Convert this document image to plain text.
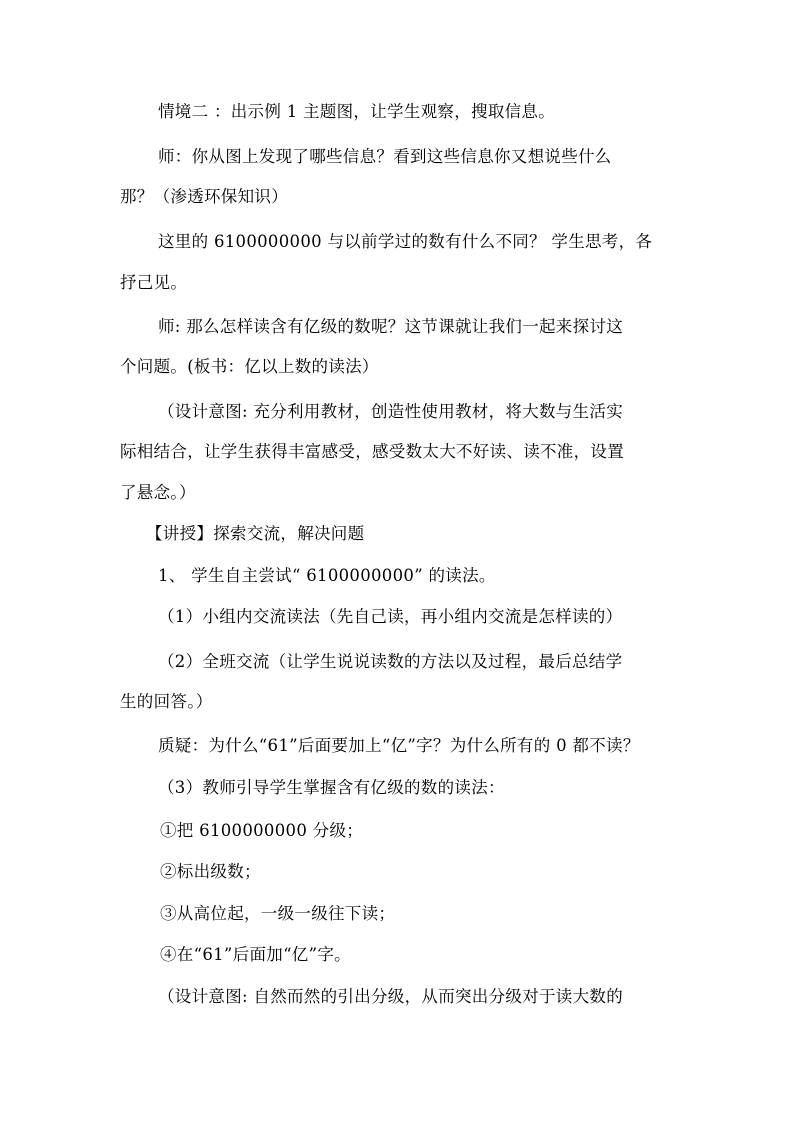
情境二 ：出示例 1 主题图，让学生观察，搜取信息。
师：你从图上发现了哪些信息？看到这些信息你又想说些什么
那？（渗透环保知识）
这里的 6100000000 与以前学过的数有什么不同？ 学生思考，各
抒己见。
师: 那么怎样读含有亿级的数呢？这节课就让我们一起来探讨这
个问题。(板书：亿以上数的读法）
（设计意图: 充分利用教材，创造性使用教材，将大数与生活实
际相结合，让学生获得丰富感受，感受数太大不好读、读不准，设置
了悬念。）
【讲授】探索交流，解决问题
1、 学生自主尝试“ 6100000000” 的读法。
（1）小组内交流读法（先自己读，再小组内交流是怎样读的）
（2）全班交流（让学生说说读数的方法以及过程，最后总结学
生的回答。）
质疑：为什么“61”后面要加上“亿”字？为什么所有的 0 都不读？
（3）教师引导学生掌握含有亿级的数的读法：
①把 6100000000 分级；
②标出级数；
③从高位起，一级一级往下读；
④在“61”后面加“亿”字。
（设计意图: 自然而然的引出分级，从而突出分级对于读大数的
